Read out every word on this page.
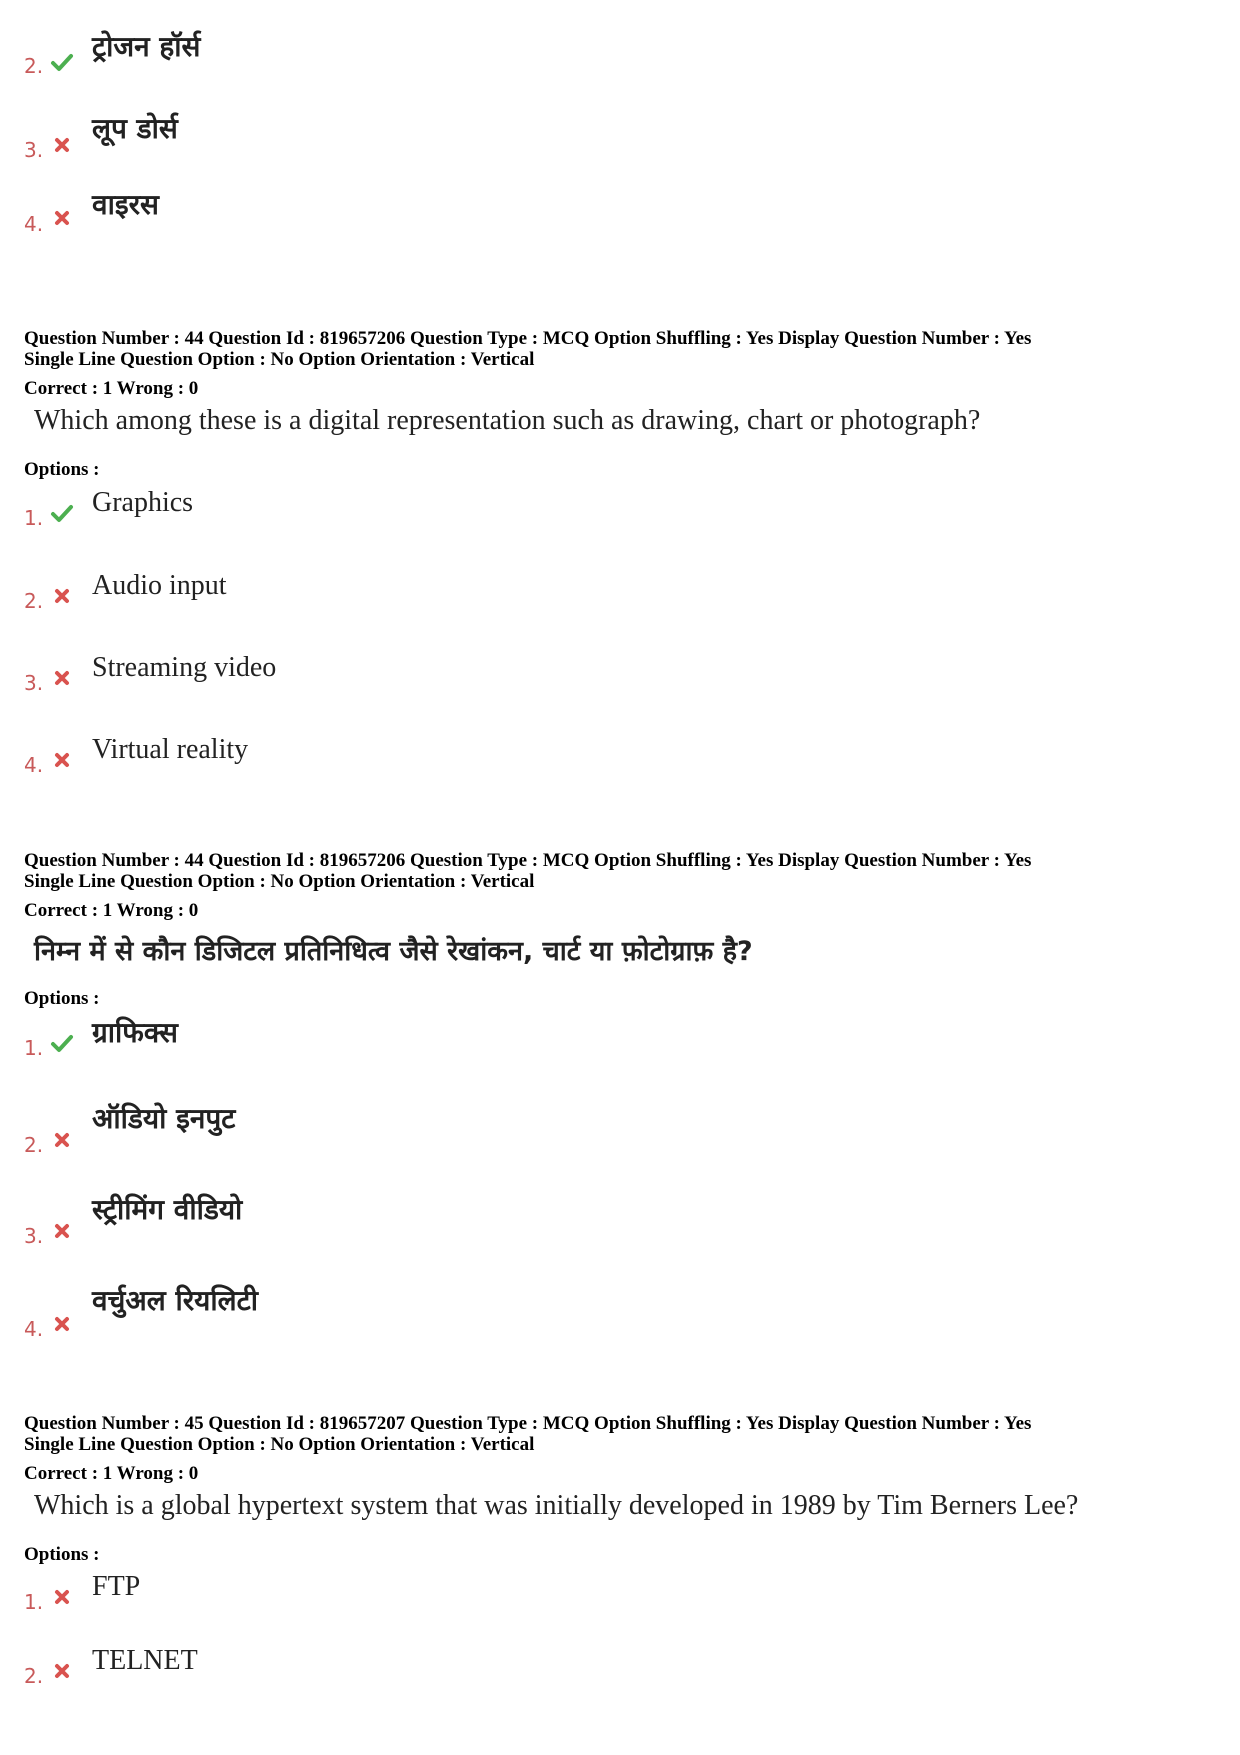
2.
ट्रोजन हॉर्स
3.
लूप डोर्स
4.
वाइरस
Question Number : 44 Question Id : 819657206 Question Type : MCQ Option Shuffling : Yes Display Question Number : Yes
Single Line Question Option : No Option Orientation : Vertical
Correct : 1 Wrong : 0
Which among these is a digital representation such as drawing, chart or photograph?
Options :
1. Graphics
2. Audio input
3. Streaming video
4. Virtual reality
Question Number : 44 Question Id : 819657206 Question Type : MCQ Option Shuffling : Yes Display Question Number : Yes
Single Line Question Option : No Option Orientation : Vertical
Correct : 1 Wrong : 0
निम्न में से कौन डिजिटल प्रतिनिधित्व जैसे रेखांकन, चार्ट या फ़ोटोग्राफ़ है?
Options :
1. ग्राफिक्स
2.
ऑडियो इनपुट
3.
स्ट्रीमिंग वीडियो
4.
वर्चुअल रियलिटी
Question Number : 45 Question Id : 819657207 Question Type : MCQ Option Shuffling : Yes Display Question Number : Yes
Single Line Question Option : No Option Orientation : Vertical
Correct : 1 Wrong : 0
Which is a global hypertext system that was initially developed in 1989 by Tim Berners Lee?
Options :
1. FTP
2. TELNET
